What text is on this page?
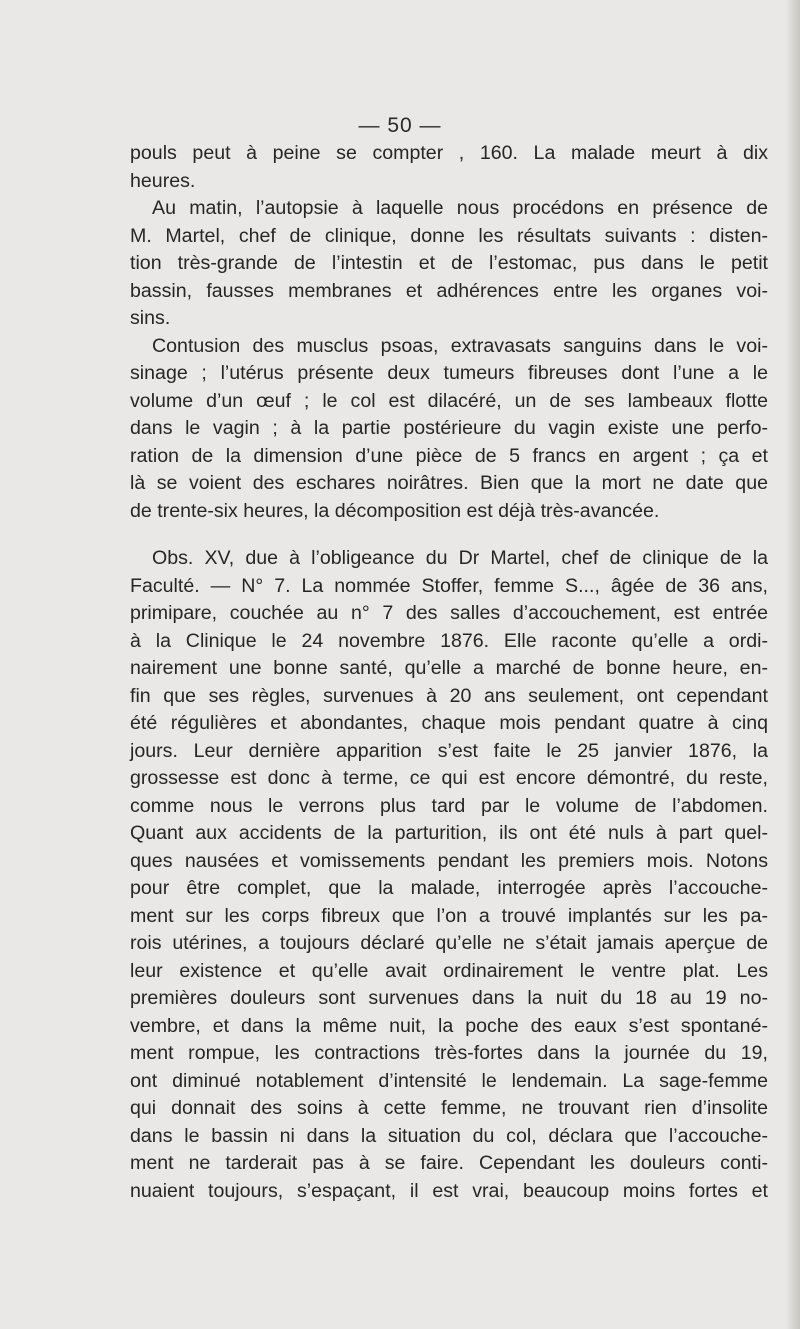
— 50 —
pouls peut à peine se compter , 160. La malade meurt à dix
heures.
Au matin, l’autopsie à laquelle nous procédons en présence de
M. Martel, chef de clinique, donne les résultats suivants : disten-
tion très-grande de l’intestin et de l’estomac, pus dans le petit
bassin, fausses membranes et adhérences entre les organes voi-
sins.
Contusion des musclus psoas, extravasats sanguins dans le voi-
sinage ; l’utérus présente deux tumeurs fibreuses dont l’une a le
volume d’un œuf ; le col est dilacéré, un de ses lambeaux flotte
dans le vagin ; à la partie postérieure du vagin existe une perfo-
ration de la dimension d’une pièce de 5 francs en argent ; ça et
là se voient des eschares noirâtres. Bien que la mort ne date que
de trente-six heures, la décomposition est déjà très-avancée.
Obs. XV, due à l’obligeance du Dr Martel, chef de clinique de la
Faculté. — N° 7. La nommée Stoffer, femme S..., âgée de 36 ans,
primipare, couchée au n° 7 des salles d’accouchement, est entrée
à la Clinique le 24 novembre 1876. Elle raconte qu’elle a ordi-
nairement une bonne santé, qu’elle a marché de bonne heure, en-
fin que ses règles, survenues à 20 ans seulement, ont cependant
été régulières et abondantes, chaque mois pendant quatre à cinq
jours. Leur dernière apparition s’est faite le 25 janvier 1876, la
grossesse est donc à terme, ce qui est encore démontré, du reste,
comme nous le verrons plus tard par le volume de l’abdomen.
Quant aux accidents de la parturition, ils ont été nuls à part quel-
ques nausées et vomissements pendant les premiers mois. Notons
pour être complet, que la malade, interrogée après l’accouche-
ment sur les corps fibreux que l’on a trouvé implantés sur les pa-
rois utérines, a toujours déclaré qu’elle ne s’était jamais aperçue de
leur existence et qu’elle avait ordinairement le ventre plat. Les
premières douleurs sont survenues dans la nuit du 18 au 19 no-
vembre, et dans la même nuit, la poche des eaux s’est spontané-
ment rompue, les contractions très-fortes dans la journée du 19,
ont diminué notablement d’intensité le lendemain. La sage-femme
qui donnait des soins à cette femme, ne trouvant rien d’insolite
dans le bassin ni dans la situation du col, déclara que l’accouche-
ment ne tarderait pas à se faire. Cependant les douleurs conti-
nuaient toujours, s’espaçant, il est vrai, beaucoup moins fortes et
